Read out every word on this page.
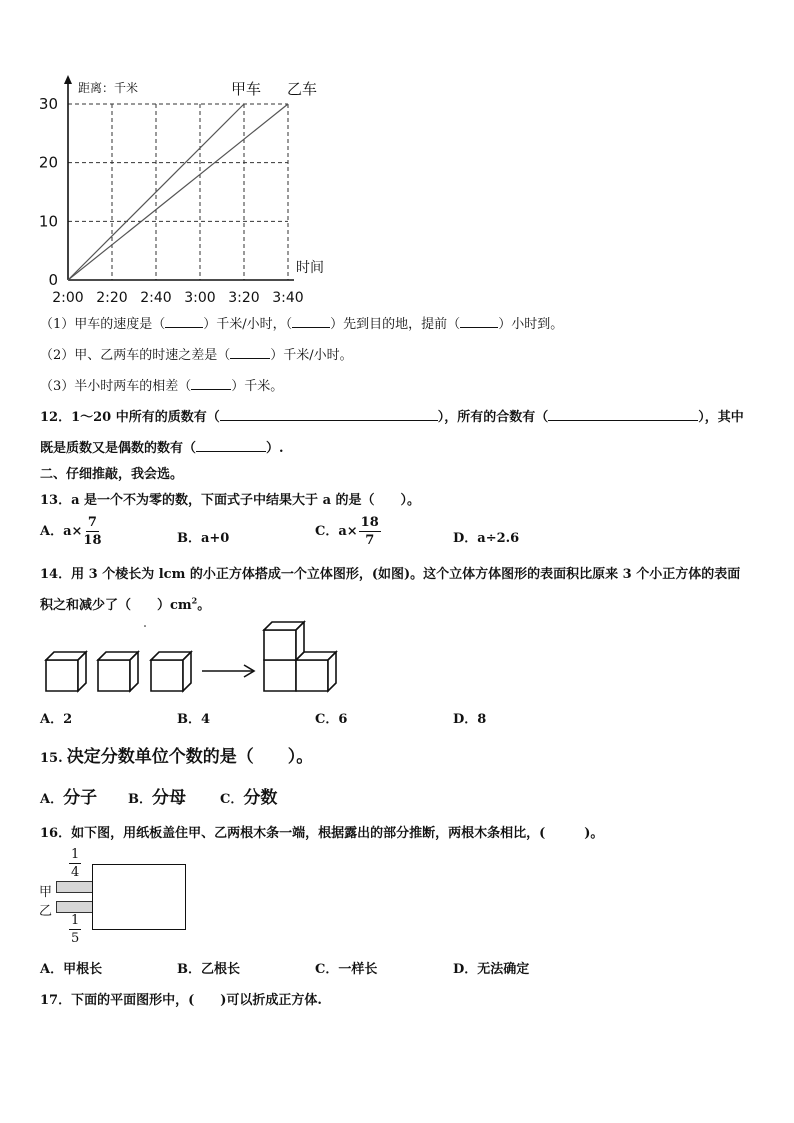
0
10
20
30
2:00 2:20 2:40 3:00 3:20 3:40
距离：千米
时间
甲车 乙车
（1）甲车的速度是（	）千米/小时，（	）先到目的地，提前（	）小时到。
（2）甲、乙两车的时速之差是（	）千米/小时。
（3）半小时两车的相差（	）千米。
12．1～20 中所有的质数有（	），所有的合数有（	），其中
既是质数又是偶数的数有（	）.
二、仔细推敲，我会选。
13．a 是一个不为零的数，下面式子中结果大于 a 的是（　　）。
A．$a\times \frac{7}{18}$	B．a+0	C．$a\times \frac{18}{7}$	D．a÷2.6
14．用 3 个棱长为 lcm 的小正方体搭成一个立体图形，(如图)。这个立体方体图形的表面积比原来 3 个小正方体的表面
积之和减少了（　　）$cm^2$。
A．2	B．4	C．6	D．8
15. 决定分数单位个数的是（　　）。
A．分子 B．分母	C．分数
16．如下图，用纸板盖住甲、乙两根木条一端，根据露出的部分推断，两根木条相比，(　　　)。
$\frac{1}{4}$
甲
乙
$\frac{1}{5}$
A．甲根长	B．乙根长	C．一样长	D．无法确定
17．下面的平面图形中，(　　)可以折成正方体.
